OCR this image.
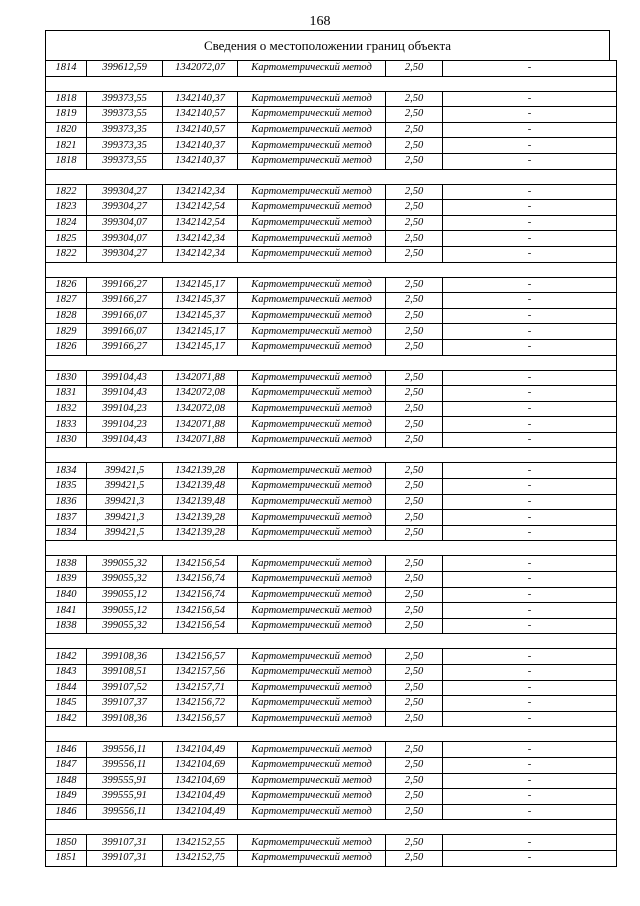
168
Сведения о местоположении границ объекта
1814	399612,59	1342072,07	Картометрический метод	2,50	-

1818	399373,55	1342140,37	Картометрический метод	2,50	-
1819	399373,55	1342140,57	Картометрический метод	2,50	-
1820	399373,35	1342140,57	Картометрический метод	2,50	-
1821	399373,35	1342140,37	Картометрический метод	2,50	-
1818	399373,55	1342140,37	Картометрический метод	2,50	-

1822	399304,27	1342142,34	Картометрический метод	2,50	-
1823	399304,27	1342142,54	Картометрический метод	2,50	-
1824	399304,07	1342142,54	Картометрический метод	2,50	-
1825	399304,07	1342142,34	Картометрический метод	2,50	-
1822	399304,27	1342142,34	Картометрический метод	2,50	-

1826	399166,27	1342145,17	Картометрический метод	2,50	-
1827	399166,27	1342145,37	Картометрический метод	2,50	-
1828	399166,07	1342145,37	Картометрический метод	2,50	-
1829	399166,07	1342145,17	Картометрический метод	2,50	-
1826	399166,27	1342145,17	Картометрический метод	2,50	-

1830	399104,43	1342071,88	Картометрический метод	2,50	-
1831	399104,43	1342072,08	Картометрический метод	2,50	-
1832	399104,23	1342072,08	Картометрический метод	2,50	-
1833	399104,23	1342071,88	Картометрический метод	2,50	-
1830	399104,43	1342071,88	Картометрический метод	2,50	-

1834	399421,5	1342139,28	Картометрический метод	2,50	-
1835	399421,5	1342139,48	Картометрический метод	2,50	-
1836	399421,3	1342139,48	Картометрический метод	2,50	-
1837	399421,3	1342139,28	Картометрический метод	2,50	-
1834	399421,5	1342139,28	Картометрический метод	2,50	-

1838	399055,32	1342156,54	Картометрический метод	2,50	-
1839	399055,32	1342156,74	Картометрический метод	2,50	-
1840	399055,12	1342156,74	Картометрический метод	2,50	-
1841	399055,12	1342156,54	Картометрический метод	2,50	-
1838	399055,32	1342156,54	Картометрический метод	2,50	-

1842	399108,36	1342156,57	Картометрический метод	2,50	-
1843	399108,51	1342157,56	Картометрический метод	2,50	-
1844	399107,52	1342157,71	Картометрический метод	2,50	-
1845	399107,37	1342156,72	Картометрический метод	2,50	-
1842	399108,36	1342156,57	Картометрический метод	2,50	-

1846	399556,11	1342104,49	Картометрический метод	2,50	-
1847	399556,11	1342104,69	Картометрический метод	2,50	-
1848	399555,91	1342104,69	Картометрический метод	2,50	-
1849	399555,91	1342104,49	Картометрический метод	2,50	-
1846	399556,11	1342104,49	Картометрический метод	2,50	-

1850	399107,31	1342152,55	Картометрический метод	2,50	-
1851	399107,31	1342152,75	Картометрический метод	2,50	-
